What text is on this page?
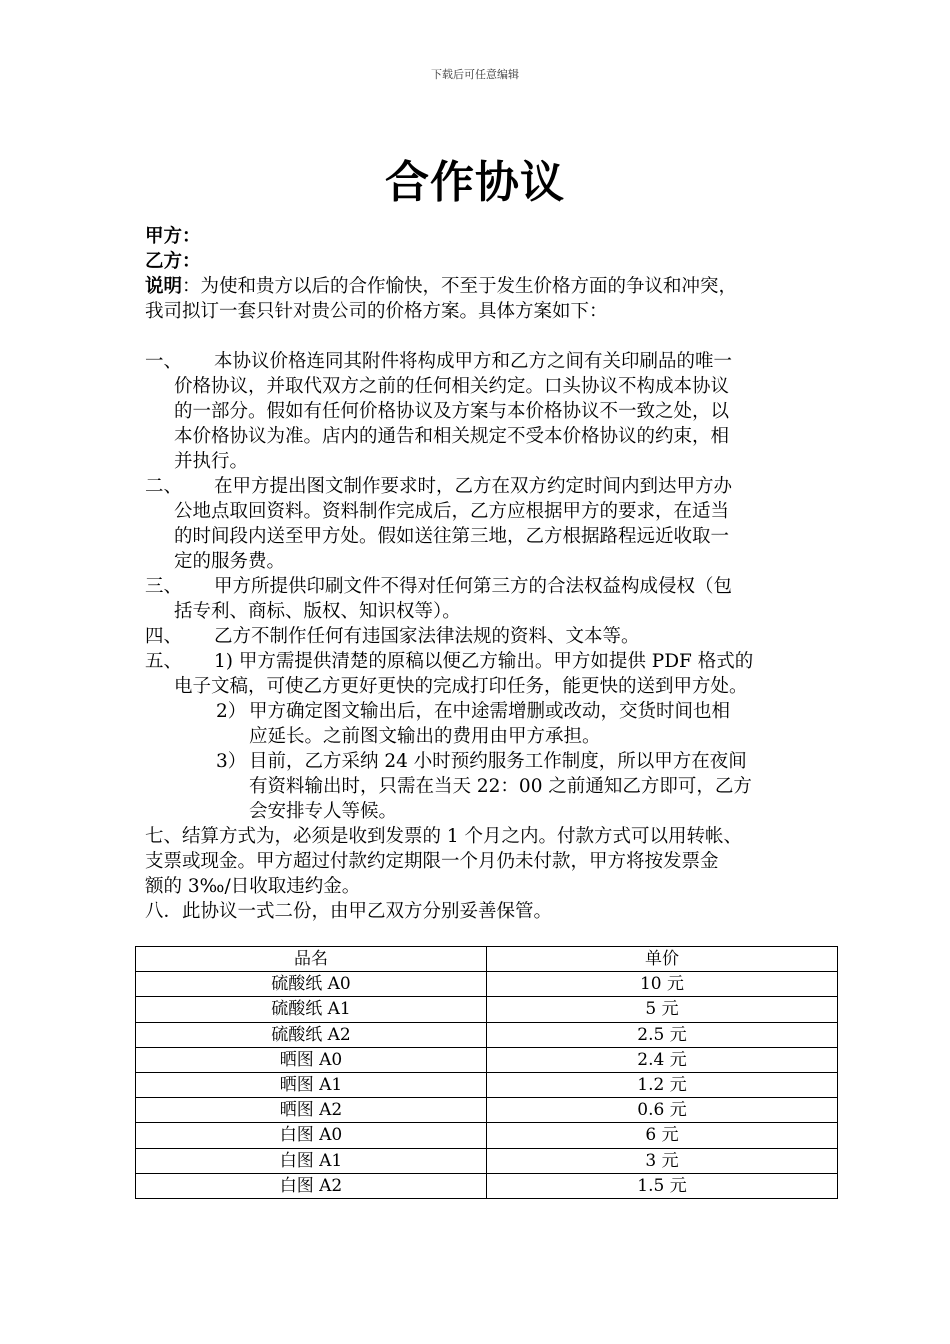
下载后可任意编辑
合作协议
甲方：
乙方：
说明：为使和贵方以后的合作愉快，不至于发生价格方面的争议和冲突，
我司拟订一套只针对贵公司的价格方案。具体方案如下：
一、	本协议价格连同其附件将构成甲方和乙方之间有关印刷品的唯一
价格协议，并取代双方之前的任何相关约定。口头协议不构成本协议
的一部分。假如有任何价格协议及方案与本价格协议不一致之处，以
本价格协议为准。店内的通告和相关规定不受本价格协议的约束，相
并执行。
二、	在甲方提出图文制作要求时，乙方在双方约定时间内到达甲方办
公地点取回资料。资料制作完成后，乙方应根据甲方的要求，在适当
的时间段内送至甲方处。假如送往第三地，乙方根据路程远近收取一
定的服务费。
三、	甲方所提供印刷文件不得对任何第三方的合法权益构成侵权（包
括专利、商标、版权、知识权等）。
四、	乙方不制作任何有违国家法律法规的资料、文本等。
五、	1) 甲方需提供清楚的原稿以便乙方输出。甲方如提供 PDF 格式的
电子文稿，可使乙方更好更快的完成打印任务，能更快的送到甲方处。
2） 甲方确定图文输出后，在中途需增删或改动，交货时间也相
应延长。之前图文输出的费用由甲方承担。
3） 目前，乙方采纳 24 小时预约服务工作制度，所以甲方在夜间
有资料输出时，只需在当天 22：00 之前通知乙方即可，乙方
会安排专人等候。
七、结算方式为，必须是收到发票的 1 个月之内。付款方式可以用转帐、
支票或现金。甲方超过付款约定期限一个月仍未付款，甲方将按发票金
额的 3‰/日收取违约金。
八．此协议一式二份，由甲乙双方分别妥善保管。
品名	单价
硫酸纸 A0	10 元
硫酸纸 A1	5 元
硫酸纸 A2	2.5 元
晒图 A0	2.4 元
晒图 A1	1.2 元
晒图 A2	0.6 元
白图 A0	6 元
白图 A1	3 元
白图 A2	1.5 元
